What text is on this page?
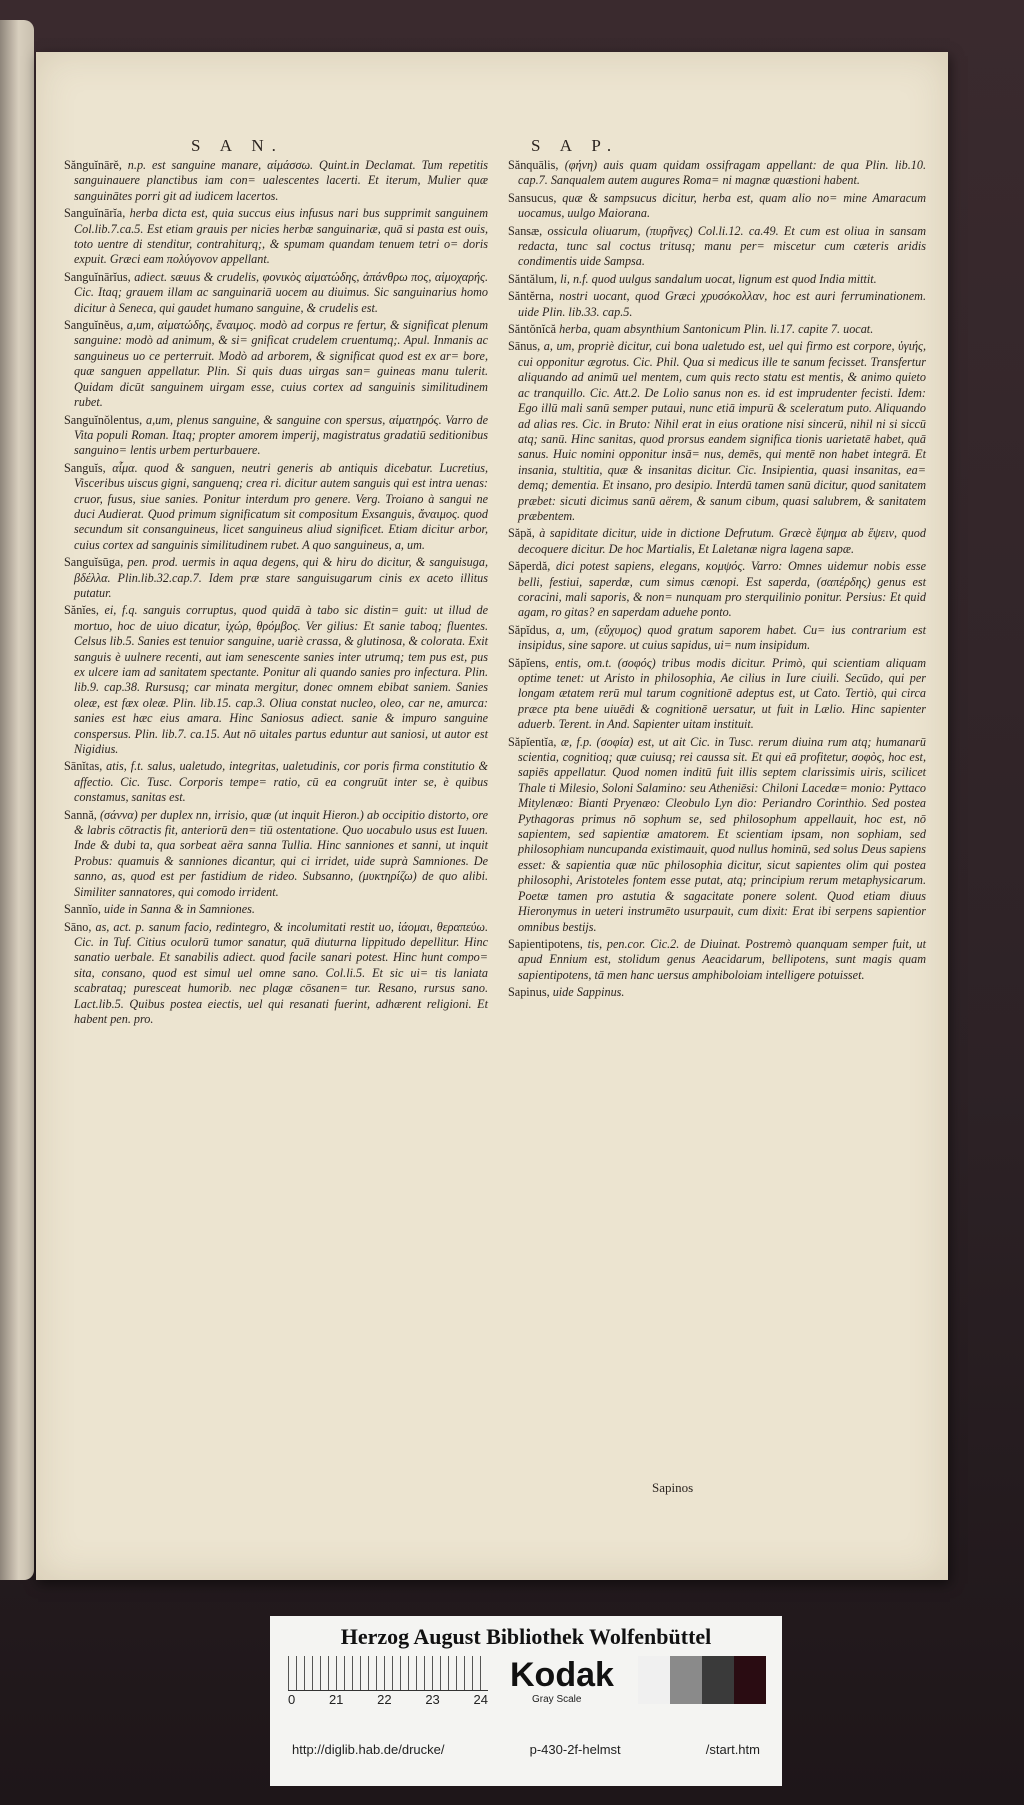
S A N.	S A P.
Sănguĭnārĕ, n.p. est sanguine manare, αἱμάσσω. Quint.in Declamat. Tum repetitis sanguinauere planctibus iam con= ualescentes lacerti. Et iterum, Mulier quæ sanguinātes porri git ad iudicem lacertos.
Sanguĭnārĭa, herba dicta est, quia succus eius infusus nari bus supprimit sanguinem Col.lib.7.ca.5. Est etiam grauis per nicies herbæ sanguinariæ, quā si pasta est ouis, toto uentre di stenditur, contrahiturq;, & spumam quandam tenuem tetri o= doris expuit. Græci eam πολύγονον appellant.
Sanguĭnārĭus, adiect. sæuus & crudelis, φονικὸς αἱματώδης, ἀπάνθρω πος, αἱμοχαρής. Cic. Itaq; grauem illam ac sanguinariā uocem au diuimus. Sic sanguinarius homo dicitur à Seneca, qui gaudet humano sanguine, & crudelis est.
Sanguĭnĕus, a,um, αἱματώδης, ἔναιμος. modò ad corpus re fertur, & significat plenum sanguine: modò ad animum, & si= gnificat crudelem cruentumq;. Apul. Inmanis ac sanguineus uo ce perterruit. Modò ad arborem, & significat quod est ex ar= bore, quæ sanguen appellatur. Plin. Si quis duas uirgas san= guineas manu tulerit. Quidam dicūt sanguinem uirgam esse, cuius cortex ad sanguinis similitudinem rubet.
Sanguĭnŏlentus, a,um, plenus sanguine, & sanguine con spersus, αἱματηρός. Varro de Vita populi Roman. Itaq; propter amorem imperij, magistratus gradatiū seditionibus sanguino= lentis urbem perturbauere.
Sanguĭs, αἷμα. quod & sanguen, neutri generis ab antiquis dicebatur. Lucretius, Visceribus uiscus gigni, sanguenq; crea ri. dicitur autem sanguis qui est intra uenas: cruor, fusus, siue sanies. Ponitur interdum pro genere. Verg. Troiano à sangui ne duci Audierat. Quod primum significatum sit compositum Exsanguis, ἄναιμος. quod secundum sit consanguineus, licet sanguineus aliud significet. Etiam dicitur arbor, cuius cortex ad sanguinis similitudinem rubet. A quo sanguineus, a, um.
Sanguĭsūga, pen. prod. uermis in aqua degens, qui & hiru do dicitur, & sanguisuga, βδέλλα. Plin.lib.32.cap.7. Idem præ stare sanguisugarum cinis ex aceto illitus putatur.
Sănĭes, ei, f.q. sanguis corruptus, quod quidā à tabo sic distin= guit: ut illud de mortuo, hoc de uiuo dicatur, ἰχώρ, θρόμβος. Ver gilius: Et sanie taboq; fluentes. Celsus lib.5. Sanies est tenuior sanguine, uariè crassa, & glutinosa, & colorata. Exit sanguis è uulnere recenti, aut iam senescente sanies inter utrumq; tem pus est, pus ex ulcere iam ad sanitatem spectante. Ponitur ali quando sanies pro infectura. Plin. lib.9. cap.38. Rursusq; car minata mergitur, donec omnem ebibat saniem. Sanies oleæ, est fæx oleæ. Plin. lib.15. cap.3. Oliua constat nucleo, oleo, car ne, amurca: sanies est hæc eius amara. Hinc Saniosus adiect. sanie & impuro sanguine conspersus. Plin. lib.7. ca.15. Aut nō uitales partus eduntur aut saniosi, ut autor est Nigidius.
Sānĭtas, atis, f.t. salus, ualetudo, integritas, ualetudinis, cor poris firma constitutio & affectio. Cic. Tusc. Corporis tempe= ratio, cū ea congruūt inter se, è quibus constamus, sanitas est.
Sannă, (σάννα) per duplex nn, irrisio, quæ (ut inquit Hieron.) ab occipitio distorto, ore & labris cōtractis fit, anteriorū den= tiū ostentatione. Quo uocabulo usus est Iuuen. Inde & dubi ta, qua sorbeat aëra sanna Tullia. Hinc sanniones et sanni, ut inquit Probus: quamuis & sanniones dicantur, qui ci irridet, uide suprà Samniones. De sanno, as, quod est per fastidium de rideo. Subsanno, (μυκτηρίζω) de quo alibi. Similiter sannatores, qui comodo irrident.
Sannĭo, uide in Sanna & in Samniones.
Sāno, as, act. p. sanum facio, redintegro, & incolumitati restit uo, ἰάομαι, θεραπεύω. Cic. in Tuf. Citius oculorū tumor sanatur, quā diuturna lippitudo depellitur. Hinc sanatio uerbale. Et sanabilis adiect. quod facile sanari potest. Hinc hunt compo= sita, consano, quod est simul uel omne sano. Col.li.5. Et sic ui= tis laniata scabrataq; puresceat humorib. nec plagæ cōsanen= tur. Resano, rursus sano. Lact.lib.5. Quibus postea eiectis, uel qui resanati fuerint, adhærent religioni. Et habent pen. pro.
Sănquālis, (φήνη) auis quam quidam ossifragam appellant: de qua Plin. lib.10. cap.7. Sanqualem autem augures Roma= ni magnæ quæstioni habent.
Sansucus, quæ & sampsucus dicitur, herba est, quam alio no= mine Amaracum uocamus, uulgo Maiorana.
Sansæ, ossicula oliuarum, (πυρῆνες) Col.li.12. ca.49. Et cum est oliua in sansam redacta, tunc sal coctus tritusq; manu per= miscetur cum cæteris aridis condimentis uide Sampsa.
Săntălum, li, n.f. quod uulgus sandalum uocat, lignum est quod India mittit.
Săntĕrna, nostri uocant, quod Græci χρυσόκολλαν, hoc est auri ferruminationem. uide Plin. lib.33. cap.5.
Săntŏnĭcă herba, quam absynthium Santonicum Plin. li.17. capite 7. uocat.
Sānus, a, um, propriè dicitur, cui bona ualetudo est, uel qui firmo est corpore, ὑγιής, cui opponitur ægrotus. Cic. Phil. Qua si medicus ille te sanum fecisset. Transfertur aliquando ad animū uel mentem, cum quis recto statu est mentis, & animo quieto ac tranquillo. Cic. Att.2. De Lolio sanus non es. id est imprudenter fecisti. Idem: Ego illū mali sanū semper putaui, nunc etiā impurū & sceleratum puto. Aliquando ad alias res. Cic. in Bruto: Nihil erat in eius oratione nisi sincerū, nihil ni si siccū atq; sanū. Hinc sanitas, quod prorsus eandem significa tionis uarietatē habet, quā sanus. Huic nomini opponitur insā= nus, demēs, qui mentē non habet integrā. Et insania, stultitia, quæ & insanitas dicitur. Cic. Insipientia, quasi insanitas, ea= demq; dementia. Et insano, pro desipio. Interdū tamen sanū dicitur, quod sanitatem præbet: sicuti dicimus sanū aërem, & sanum cibum, quasi salubrem, & sanitatem præbentem.
Săpă, à sapiditate dicitur, uide in dictione Defrutum. Græcè ἕψημα ab ἕψειν, quod decoquere dicitur. De hoc Martialis, Et Laletanæ nigra lagena sapæ.
Săperdă, dici potest sapiens, elegans, κομψός. Varro: Omnes uidemur nobis esse belli, festiui, saperdæ, cum simus cænopi. Est saperda, (σαπέρδης) genus est coracini, mali saporis, & non= nunquam pro sterquilinio ponitur. Persius: Et quid agam, ro gitas? en saperdam aduehe ponto.
Săpĭdus, a, um, (εὔχυμος) quod gratum saporem habet. Cu= ius contrarium est insipidus, sine sapore. ut cuius sapidus, ui= num insipidum.
Săpĭens, entis, om.t. (σοφός) tribus modis dicitur. Primò, qui scientiam aliquam optime tenet: ut Aristo in philosophia, Ae cilius in Iure ciuili. Secūdo, qui per longam ætatem rerū mul tarum cognitionē adeptus est, ut Cato. Tertiò, qui circa præce pta bene uiuēdi & cognitionē uersatur, ut fuit in Lælio. Hinc sapienter aduerb. Terent. in And. Sapienter uitam instituit.
Săpĭentĭa, æ, f.p. (σοφία) est, ut ait Cic. in Tusc. rerum diuina rum atq; humanarū scientia, cognitioq; quæ cuiusq; rei caussa sit. Et qui eā profitetur, σοφὸς, hoc est, sapiēs appellatur. Quod nomen inditū fuit illis septem clarissimis uiris, scilicet Thale ti Milesio, Soloni Salamino: seu Atheniēsi: Chiloni Lacedæ= monio: Pyttaco Mitylenæo: Bianti Pryenæo: Cleobulo Lyn dio: Periandro Corinthio. Sed postea Pythagoras primus nō sophum se, sed philosophum appellauit, hoc est, nō sapientem, sed sapientiæ amatorem. Et scientiam ipsam, non sophiam, sed philosophiam nuncupanda existimauit, quod nullus hominū, sed solus Deus sapiens esset: & sapientia quæ nūc philosophia dicitur, sicut sapientes olim qui postea philosophi, Aristoteles fontem esse putat, atq; principium rerum metaphysicarum. Poetæ tamen pro astutia & sagacitate ponere solent. Quod etiam diuus Hieronymus in ueteri instrumēto usurpauit, cum dixit: Erat ibi serpens sapientior omnibus bestijs.
Sapientipotens, tis, pen.cor. Cic.2. de Diuinat. Postremò quanquam semper fuit, ut apud Ennium est, stolidum genus Aeacidarum, bellipotens, sunt magis quam sapientipotens, tā men hanc uersus amphiboloiam intelligere potuisset.
Sapinus, uide Sappinus.
Sapinos
Herzog August Bibliothek Wolfenbüttel
0	21	22	23	24
Kodak
Gray Scale
http://diglib.hab.de/drucke/	p-430-2f-helmst	/start.htm
